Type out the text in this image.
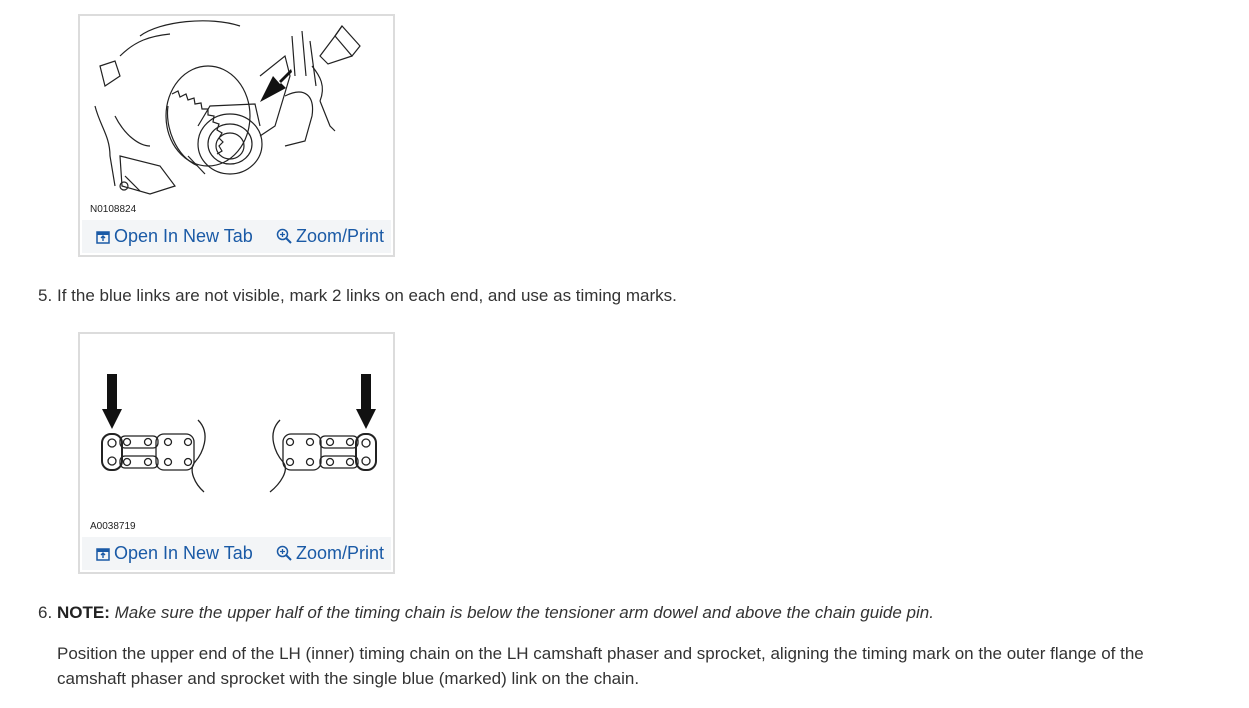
N0108824
Open In New Tab	Zoom/Print
5. If the blue links are not visible, mark 2 links on each end, and use as timing marks.
A0038719
Open In New Tab	Zoom/Print
6. NOTE: Make sure the upper half of the timing chain is below the tensioner arm dowel and above the chain guide pin.
Position the upper end of the LH (inner) timing chain on the LH camshaft phaser and sprocket, aligning the timing mark on the outer flange of the camshaft phaser and sprocket with the single blue (marked) link on the chain.
